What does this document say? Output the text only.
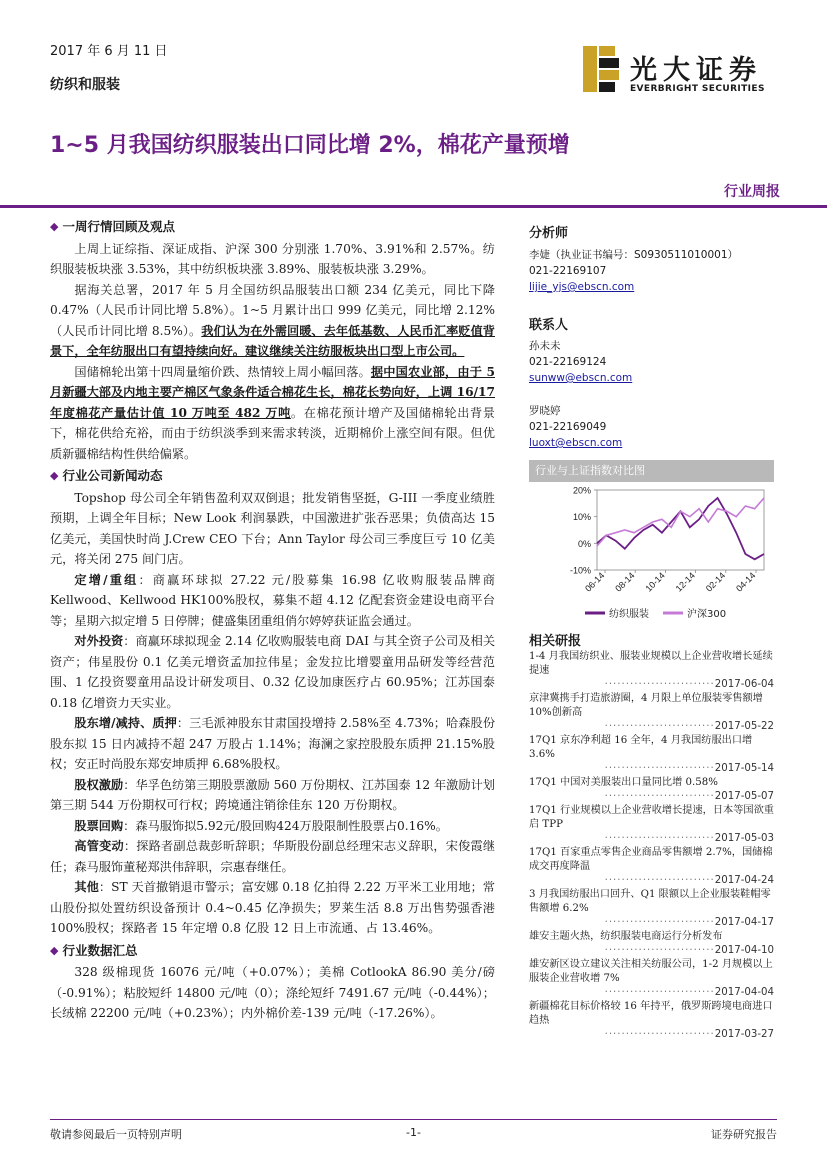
2017 年 6 月 11 日
纺织和服装	光大证券
EVERBRIGHT SECURITIES
1~5 月我国纺织服装出口同比增 2%，棉花产量预增
行业周报
◆ 一周行情回顾及观点

上周上证综指、深证成指、沪深 300 分别涨 1.70%、3.91%和 2.57%。纺织服装板块涨 3.53%，其中纺织板块涨 3.89%、服装板块涨 3.29%。

据海关总署，2017 年 5 月全国纺织品服装出口额 234 亿美元，同比下降 0.47%（人民币计同比增 5.8%）。1~5 月累计出口 999 亿美元，同比增 2.12%（人民币计同比增 8.5%）。我们认为在外需回暖、去年低基数、人民币汇率贬值背景下，全年纺服出口有望持续向好。建议继续关注纺服板块出口型上市公司。

国储棉轮出第十四周量缩价跌、热情较上周小幅回落。据中国农业部，由于 5 月新疆大部及内地主要产棉区气象条件适合棉花生长，棉花长势向好，上调 16/17 年度棉花产量估计值 10 万吨至 482 万吨。在棉花预计增产及国储棉轮出背景下，棉花供给充裕，而由于纺织淡季到来需求转淡，近期棉价上涨空间有限。但优质新疆棉结构性供给偏紧。

◆ 行业公司新闻动态

Topshop 母公司全年销售盈利双双倒退；批发销售坚挺，G-III 一季度业绩胜预期，上调全年目标；New Look 利润暴跌，中国激进扩张吞恶果；负债高达 15 亿美元，美国快时尚 J.Crew CEO 下台；Ann Taylor 母公司三季度巨亏 10 亿美元，将关闭 275 间门店。

定增/重组：商赢环球拟 27.22 元/股募集 16.98 亿收购服装品牌商 Kellwood、Kellwood HK100%股权，募集不超 4.12 亿配套资金建设电商平台等；星期六拟定增 5 日停牌；健盛集团重组俏尔婷婷获证监会通过。

对外投资：商赢环球拟现金 2.14 亿收购服装电商 DAI 与其全资子公司及相关资产；伟星股份 0.1 亿美元增资孟加拉伟星；金发拉比增婴童用品研发等经营范围、1 亿投资婴童用品设计研发项目、0.32 亿设加康医疗占 60.95%；江苏国泰 0.18 亿增资力天实业。

股东增/减持、质押：三毛派神股东甘肃国投增持 2.58%至 4.73%；哈森股份股东拟 15 日内减持不超 247 万股占 1.14%；海澜之家控股股东质押 21.15%股权；安正时尚股东郑安坤质押 6.68%股权。

股权激励：华孚色纺第三期股票激励 560 万份期权、江苏国泰 12 年激励计划第三期 544 万份期权可行权；跨境通注销徐佳东 120 万份期权。

股票回购：森马服饰拟5.92元/股回购424万股限制性股票占0.16%。

高管变动：探路者副总裁彭昕辞职；华斯股份副总经理宋志义辞职，宋俊霞继任；森马服饰董秘郑洪伟辞职，宗惠春继任。

其他：ST 天首撤销退市警示；富安娜 0.18 亿拍得 2.22 万平米工业用地；常山股份拟处置纺织设备预计 0.4~0.45 亿净损失；罗莱生活 8.8 万出售势强香港100%股权；探路者 15 年定增 0.8 亿股 12 日上市流通、占 13.46%。

◆ 行业数据汇总

328 级棉现货 16076 元/吨（+0.07%）；美棉 CotlookA 86.90 美分/磅（-0.91%）；粘胶短纤 14800 元/吨（0）；涤纶短纤 7491.67 元/吨（-0.44%）；长绒棉 22200 元/吨（+0.23%）；内外棉价差-139 元/吨（-17.26%）。

分析师
李婕（执业证书编号：S0930511010001）
021-22169107
lijie_yjs@ebscn.com
联系人
孙未未
021-22169124
sunww@ebscn.com
罗晓婷
021-22169049
luoxt@ebscn.com
行业与上证指数对比图
20%
10%
0%
-10%
06-14 08-14 10-14 12-14 02-14 04-14
纺织服装	沪深300
相关研报
1-4 月我国纺织业、服装业规模以上企业营收增长延续提速
··························2017-06-04
京津冀携手打造旅游圈，4 月限上单位服装零售额增 10%创新高
··························2017-05-22
17Q1 京东净利超 16 全年，4 月我国纺服出口增 3.6%
··························2017-05-14
17Q1 中国对美服装出口量同比增 0.58%
··························2017-05-07
17Q1 行业规模以上企业营收增长提速，日本等国欲重启 TPP
··························2017-05-03
17Q1 百家重点零售企业商品零售额增 2.7%，国储棉成交再度降温
··························2017-04-24
3 月我国纺服出口回升、Q1 限额以上企业服装鞋帽零售额增 6.2%
··························2017-04-17
雄安主题火热，纺织服装电商运行分析发布
··························2017-04-10
雄安新区设立建议关注相关纺服公司，1-2 月规模以上服装企业营收增 7%
··························2017-04-04
新疆棉花目标价格较 16 年持平，俄罗斯跨境电商进口趋热
··························2017-03-27
敬请参阅最后一页特别声明	-1-	证券研究报告
